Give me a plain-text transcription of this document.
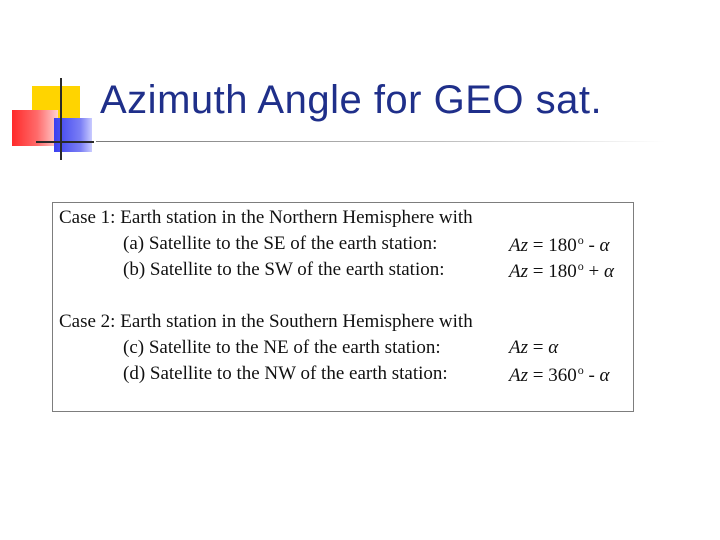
Azimuth Angle for GEO sat.
Case 1: Earth station in the Northern Hemisphere with
(a) Satellite to the SE of the earth station:	$Az = 180^o - \alpha$
(b) Satellite to the SW of the earth station:	$Az = 180^o + \alpha$
Case 2: Earth station in the Southern Hemisphere with
(c) Satellite to the NE of the earth station:	Az = α
(d) Satellite to the NW of the earth station:	$Az = 360^o - \alpha$
